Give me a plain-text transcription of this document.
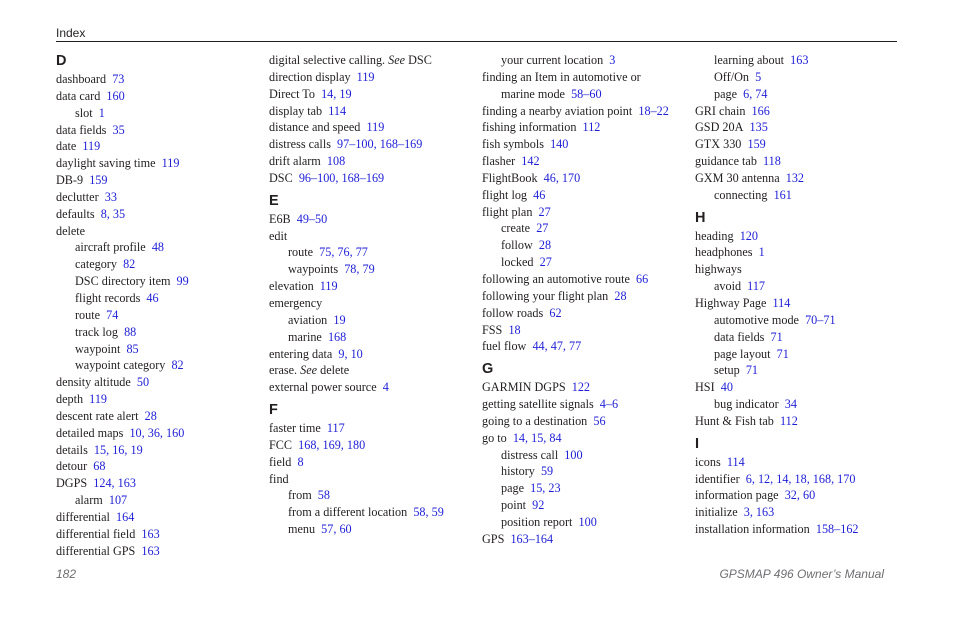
Index
D
dashboard 73
data card 160
slot 1
data fields 35
date 119
daylight saving time 119
DB-9 159
declutter 33
defaults 8, 35
delete
aircraft profile 48
category 82
DSC directory item 99
flight records 46
route 74
track log 88
waypoint 85
waypoint category 82
density altitude 50
depth 119
descent rate alert 28
detailed maps 10, 36, 160
details 15, 16, 19
detour 68
DGPS 124, 163
alarm 107
differential 164
differential field 163
differential GPS 163
digital selective calling. See DSC
direction display 119
Direct To 14, 19
display tab 114
distance and speed 119
distress calls 97–100, 168–169
drift alarm 108
DSC 96–100, 168–169
E
E6B 49–50
edit
route 75, 76, 77
waypoints 78, 79
elevation 119
emergency
aviation 19
marine 168
entering data 9, 10
erase. See delete
external power source 4
F
faster time 117
FCC 168, 169, 180
field 8
find
from 58
from a different location 58, 59
menu 57, 60
your current location 3
finding an Item in automotive or
marine mode 58–60
finding a nearby aviation point 18–22
fishing information 112
fish symbols 140
flasher 142
FlightBook 46, 170
flight log 46
flight plan 27
create 27
follow 28
locked 27
following an automotive route 66
following your flight plan 28
follow roads 62
FSS 18
fuel flow 44, 47, 77
G
GARMIN DGPS 122
getting satellite signals 4–6
going to a destination 56
go to 14, 15, 84
distress call 100
history 59
page 15, 23
point 92
position report 100
GPS 163–164
learning about 163
Off/On 5
page 6, 74
GRI chain 166
GSD 20A 135
GTX 330 159
guidance tab 118
GXM 30 antenna 132
connecting 161
H
heading 120
headphones 1
highways
avoid 117
Highway Page 114
automotive mode 70–71
data fields 71
page layout 71
setup 71
HSI 40
bug indicator 34
Hunt & Fish tab 112
I
icons 114
identifier 6, 12, 14, 18, 168, 170
information page 32, 60
initialize 3, 163
installation information 158–162
182	GPSMAP 496 Owner’s Manual
